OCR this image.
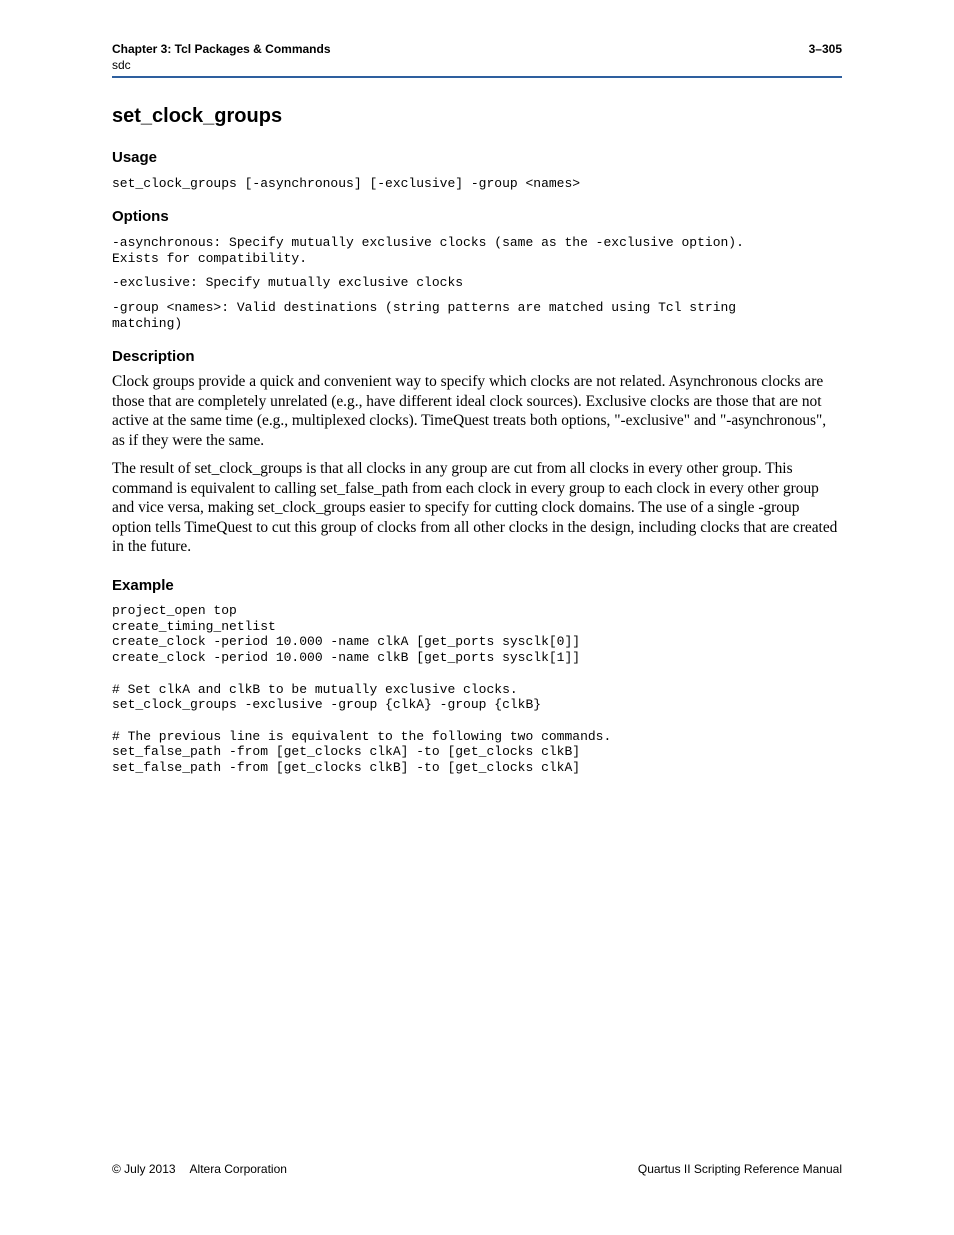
Chapter 3: Tcl Packages & Commands	3–305
sdc
set_clock_groups
Usage
set_clock_groups [-asynchronous] [-exclusive] -group <names>
Options
-asynchronous: Specify mutually exclusive clocks (same as the -exclusive option).
Exists for compatibility.
-exclusive: Specify mutually exclusive clocks
-group <names>: Valid destinations (string patterns are matched using Tcl string
matching)
Description

Clock groups provide a quick and convenient way to specify which clocks are not related. Asynchronous clocks are those that are completely unrelated (e.g., have different ideal clock sources). Exclusive clocks are those that are not active at the same time (e.g., multiplexed clocks). TimeQuest treats both options, "-exclusive" and "-asynchronous", as if they were the same.

The result of set_clock_groups is that all clocks in any group are cut from all clocks in every other group. This command is equivalent to calling set_false_path from each clock in every group to each clock in every other group and vice versa, making set_clock_groups easier to specify for cutting clock domains. The use of a single -group option tells TimeQuest to cut this group of clocks from all other clocks in the design, including clocks that are created in the future.

Example
project_open top
create_timing_netlist
create_clock -period 10.000 -name clkA [get_ports sysclk[0]]
create_clock -period 10.000 -name clkB [get_ports sysclk[1]]

# Set clkA and clkB to be mutually exclusive clocks.
set_clock_groups -exclusive -group {clkA} -group {clkB}

# The previous line is equivalent to the following two commands.
set_false_path -from [get_clocks clkA] -to [get_clocks clkB]
set_false_path -from [get_clocks clkB] -to [get_clocks clkA]
© July 2013 Altera Corporation	Quartus II Scripting Reference Manual
